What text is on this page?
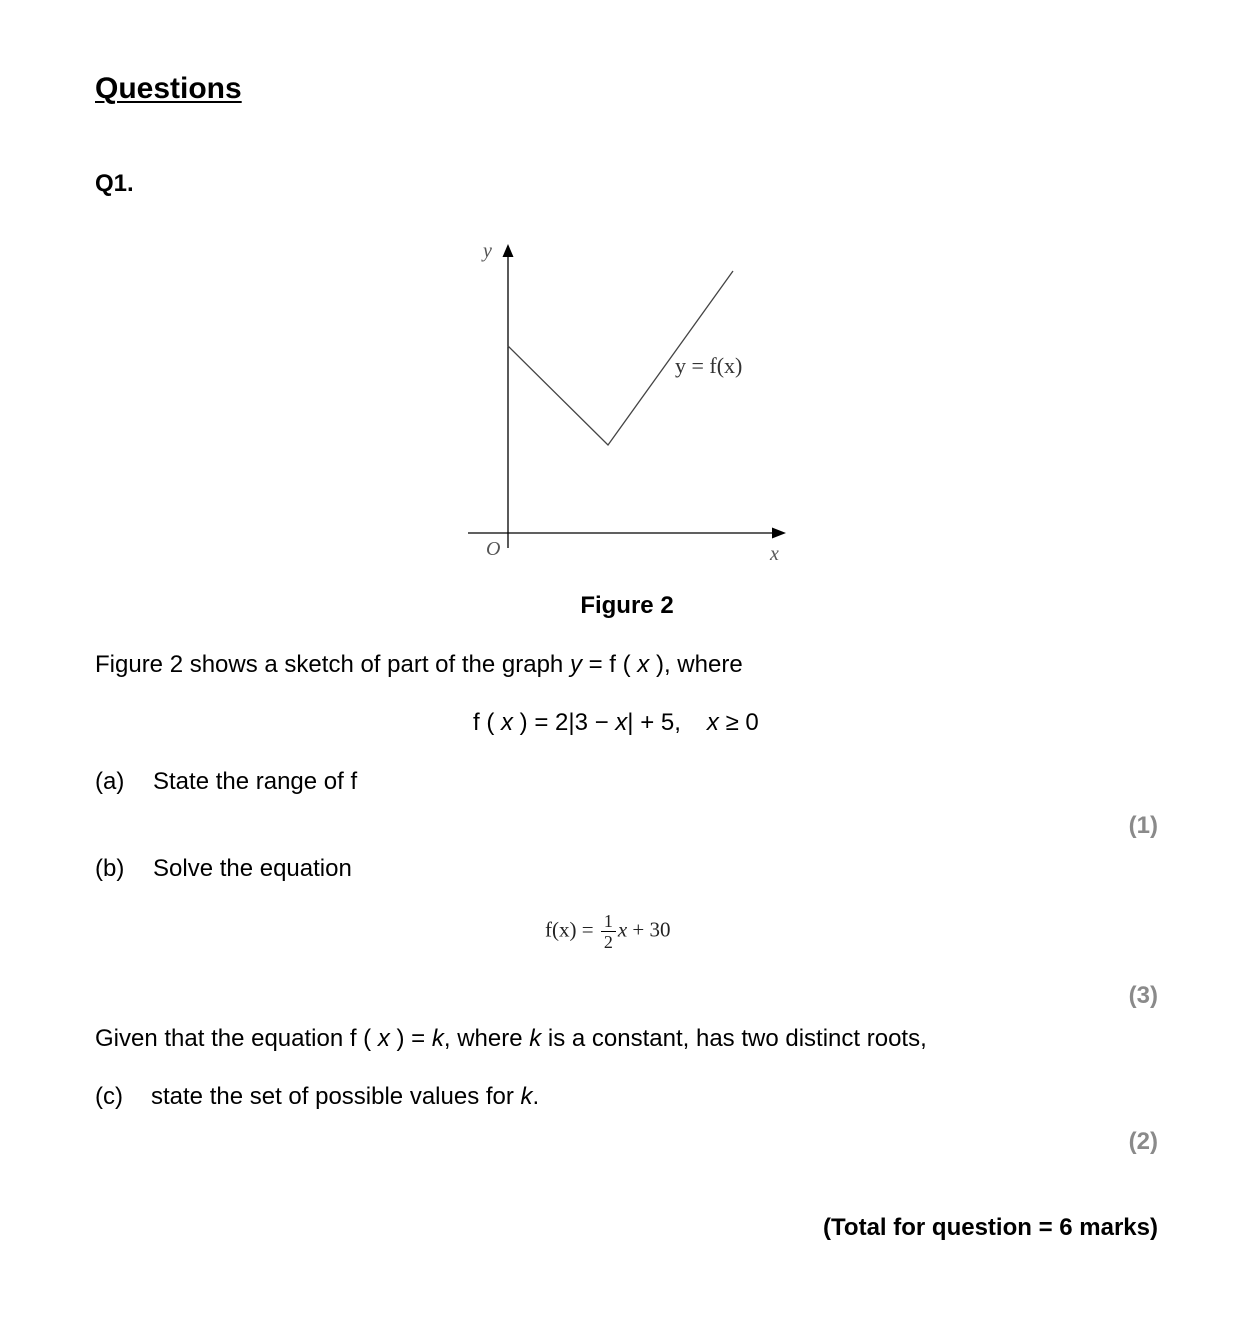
Questions
Q1.
y
x
O
y = f(x)
Figure 2
Figure 2 shows a sketch of part of the graph y = f ( x ), where
f ( x ) = 2|3 − x| + 5, x ≥ 0
(a) State the range of f
(1)
(b) Solve the equation
$f(x) = \frac{1}{2}$ x + 30
(3)
Given that the equation f ( x ) = k, where k is a constant, has two distinct roots,
(c) state the set of possible values for k.
(2)
(Total for question = 6 marks)
